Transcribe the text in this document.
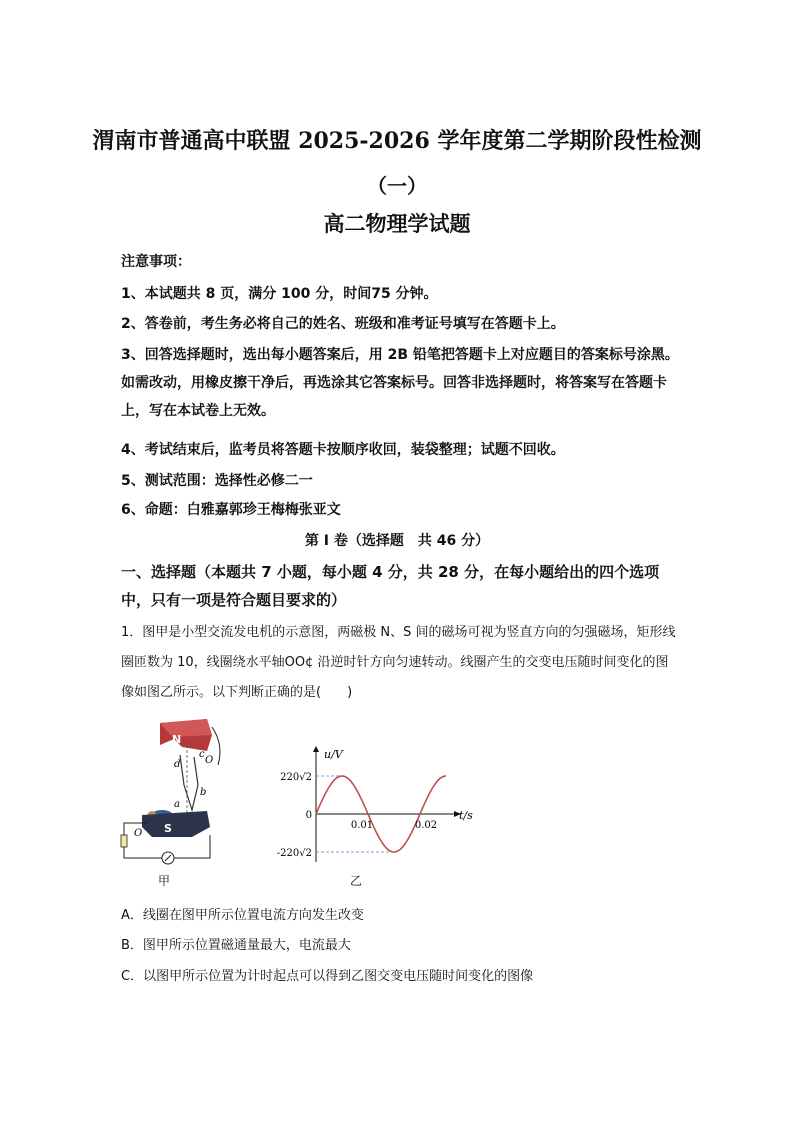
渭南市普通高中联盟 2025-2026 学年度第二学期阶段性检测
（一）
高二物理学试题
注意事项：
1、本试题共 8 页，满分 100 分，时间75 分钟。
2、答卷前，考生务必将自己的姓名、班级和准考证号填写在答题卡上。
3、回答选择题时，选出每小题答案后，用 2B 铅笔把答题卡上对应题目的答案标号涂黑。如需改动，用橡皮擦干净后，再选涂其它答案标号。回答非选择题时，将答案写在答题卡上，写在本试卷上无效。
4、考试结束后，监考员将答题卡按顺序收回，装袋整理；试题不回收。
5、测试范围：选择性必修二一
6、命题：白雅嘉郭珍王梅梅张亚文
第 I 卷（选择题　共 46 分）
一、选择题（本题共 7 小题，每小题 4 分，共 28 分，在每小题给出的四个选项中，只有一项是符合题目要求的）
1．图甲是小型交流发电机的示意图，两磁极 N、S 间的磁场可视为竖直方向的匀强磁场，矩形线圈匝数为 10，线圈绕水平轴OO¢ 沿逆时针方向匀速转动。线圈产生的交变电压随时间变化的图像如图乙所示。以下判断正确的是(　　)
N
c
O
d
b
a
S
O
甲
u/V
t/s
220√2
0
-220√2
0.01	0.02
乙
A．线圈在图甲所示位置电流方向发生改变
B．图甲所示位置磁通量最大，电流最大
C．以图甲所示位置为计时起点可以得到乙图交变电压随时间变化的图像
